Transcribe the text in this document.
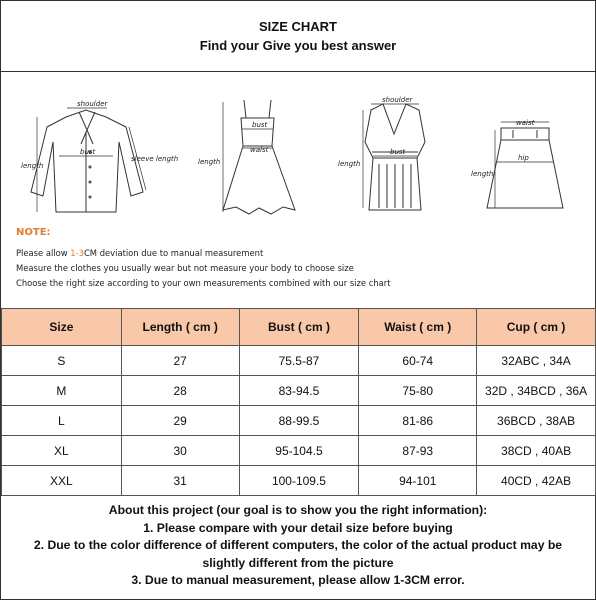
SIZE CHART
Find your Give you best answer
shoulder
bust
sleeve length
length
bust
waist
length
shoulder
bust
length
waist
hip
length
NOTE:
Please allow 1-3CM deviation due to manual measurement
Measure the clothes you usually wear but not measure your body to choose size
Choose the right size according to your own measurements combined with our size chart
Size	Length ( cm )	Bust ( cm )	Waist ( cm )	Cup ( cm )
S	27	75.5-87	60-74	32ABC , 34A
M	28	83-94.5	75-80	32D , 34BCD , 36A
L	29	88-99.5	81-86	36BCD , 38AB
XL	30	95-104.5	87-93	38CD , 40AB
XXL	31	100-109.5	94-101	40CD , 42AB
About this project (our goal is to show you the right information):
1. Please compare with your detail size before buying
2. Due to the color difference of different computers, the color of the actual product may be
slightly different from the picture
3. Due to manual measurement, please allow 1-3CM error.
